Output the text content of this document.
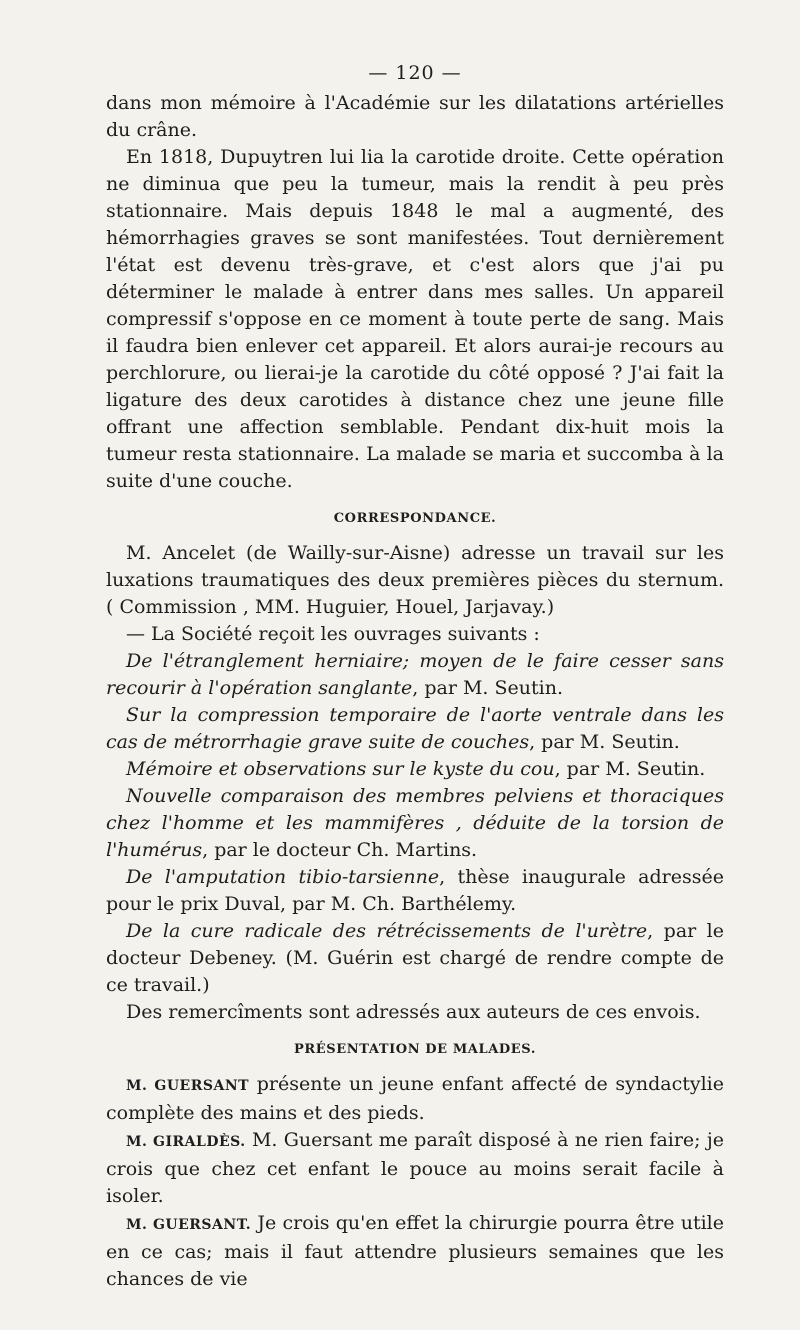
— 120 —

dans mon mémoire à l'Académie sur les dilatations artérielles du crâne.

En 1818, Dupuytren lui lia la carotide droite. Cette opération ne diminua que peu la tumeur, mais la rendit à peu près stationnaire. Mais depuis 1848 le mal a augmenté, des hémorrhagies graves se sont manifestées. Tout dernièrement l'état est devenu très-grave, et c'est alors que j'ai pu déterminer le malade à entrer dans mes salles. Un appareil compressif s'oppose en ce moment à toute perte de sang. Mais il faudra bien enlever cet appareil. Et alors aurai-je recours au perchlorure, ou lierai-je la carotide du côté opposé ? J'ai fait la ligature des deux carotides à distance chez une jeune fille offrant une affection semblable. Pendant dix-huit mois la tumeur resta stationnaire. La malade se maria et succomba à la suite d'une couche.

CORRESPONDANCE.

M. Ancelet (de Wailly-sur-Aisne) adresse un travail sur les luxations traumatiques des deux premières pièces du sternum. ( Commission , MM. Huguier, Houel, Jarjavay.)

— La Société reçoit les ouvrages suivants :

De l'étranglement herniaire; moyen de le faire cesser sans recourir à l'opération sanglante, par M. Seutin.

Sur la compression temporaire de l'aorte ventrale dans les cas de métrorrhagie grave suite de couches, par M. Seutin.

Mémoire et observations sur le kyste du cou, par M. Seutin.

Nouvelle comparaison des membres pelviens et thoraciques chez l'homme et les mammifères , déduite de la torsion de l'humérus, par le docteur Ch. Martins.

De l'amputation tibio-tarsienne, thèse inaugurale adressée pour le prix Duval, par M. Ch. Barthélemy.

De la cure radicale des rétrécissements de l'urètre, par le docteur Debeney. (M. Guérin est chargé de rendre compte de ce travail.)

Des remercîments sont adressés aux auteurs de ces envois.

PRÉSENTATION DE MALADES.

M. GUERSANT présente un jeune enfant affecté de syndactylie complète des mains et des pieds.

M. GIRALDÈS. M. Guersant me paraît disposé à ne rien faire; je crois que chez cet enfant le pouce au moins serait facile à isoler.

M. GUERSANT. Je crois qu'en effet la chirurgie pourra être utile en ce cas; mais il faut attendre plusieurs semaines que les chances de vie
